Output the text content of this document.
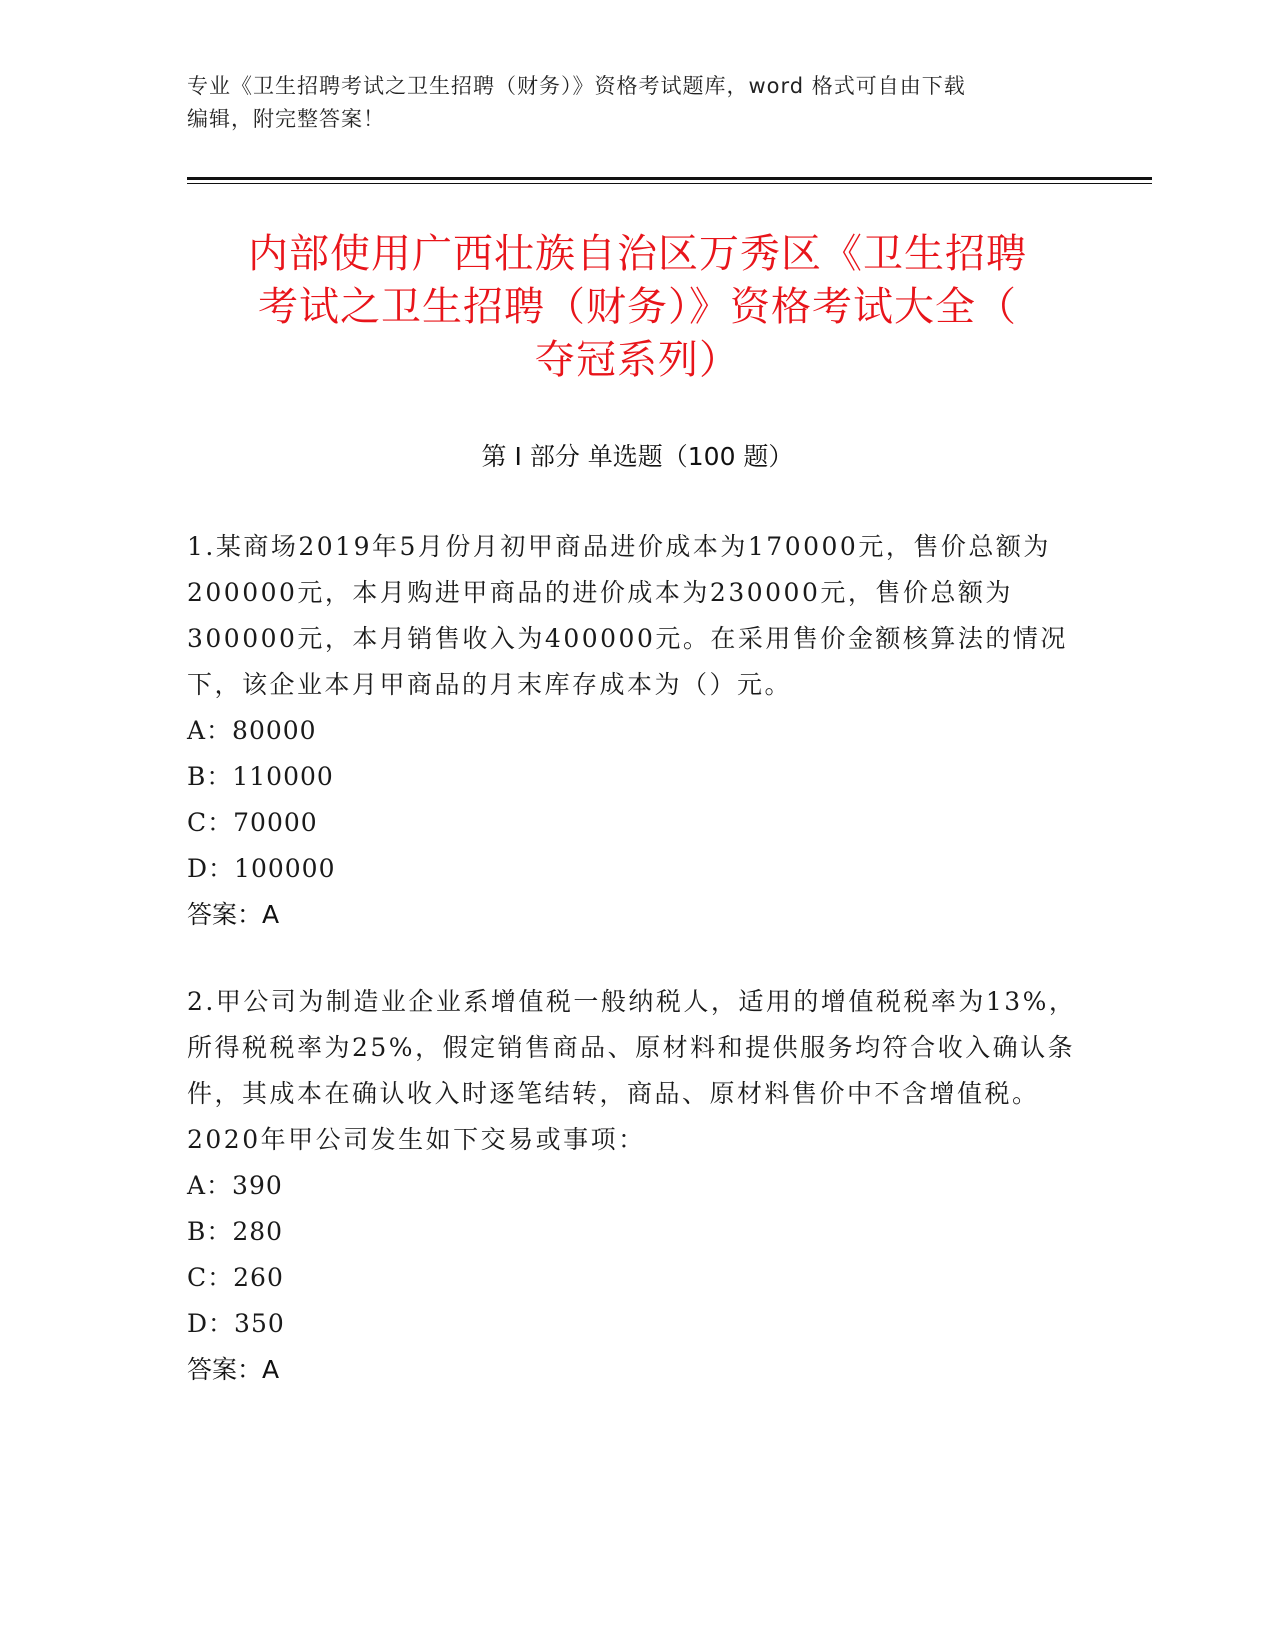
专业《卫生招聘考试之卫生招聘（财务）》资格考试题库，word 格式可自由下载
编辑，附完整答案！
内部使用广西壮族自治区万秀区《卫生招聘
考试之卫生招聘（财务）》资格考试大全（
夺冠系列）
第 I 部分 单选题（100 题）

1.某商场2019年5月份月初甲商品进价成本为170000元，售价总额为200000元，本月购进甲商品的进价成本为230000元，售价总额为300000元，本月销售收入为400000元。在采用售价金额核算法的情况下，该企业本月甲商品的月末库存成本为（）元。

A：80000
B：110000
C：70000
D：100000

答案：A

2.甲公司为制造业企业系增值税一般纳税人，适用的增值税税率为13%，所得税税率为25%，假定销售商品、原材料和提供服务均符合收入确认条件，其成本在确认收入时逐笔结转，商品、原材料售价中不含增值税。2020年甲公司发生如下交易或事项：

A：390
B：280
C：260
D：350

答案：A
